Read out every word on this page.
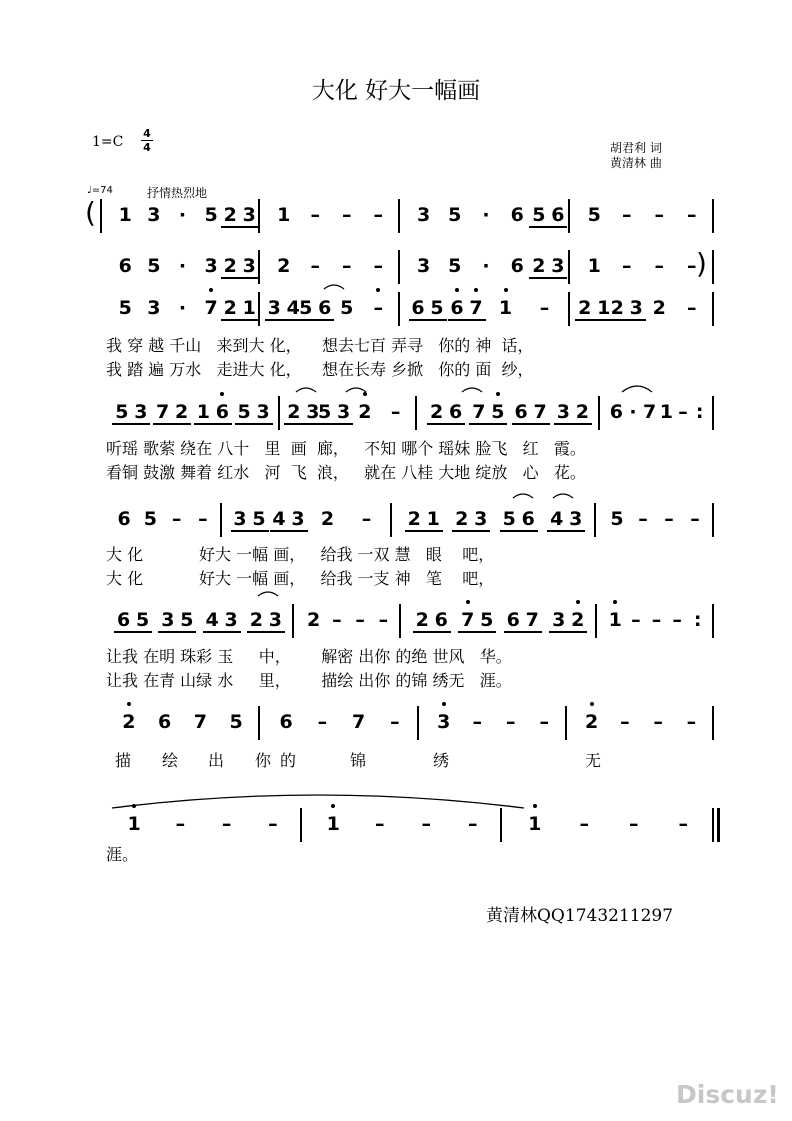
大化 好大一幅画
1=C
4
4	胡君利 词
黄清林 曲
♩=74	抒情热烈地
( 1 3 · 5 2 3 1 – – – 3 5	·	6 5 6 5 – – –
6 5 · 3 2 3 2 – – – 3 5	·	6 2 3 1 – – – )
5 3 · 7 2 1 3 4 5 6 5 – 6 5 6 7 1 – 2 1 2 3 2 –
我 穿 越 千山   来到大 化，    想去七百 弄寻   你的 神  话，
我 踏 遍 万水   走进大 化，    想在长寿 乡掀   你的 面  纱，
5 3 7 2 1 6 5 3 2 3
5 3 2 – 2 6 7 5 6 7 3 2 6 · 7 1 – :
听瑶 歌萦 绕在 八十   里  画  廊，   不知 哪个 瑶妹 脸飞   红   霞。
看铜 鼓激 舞着 红水   河  飞  浪，   就在 八桂 大地 绽放   心   花。
6 5 – – 3 5 4 3 2 – 2 1 2 3 5 6 4 3 5 – – –
大 化           好大 一幅 画，   给我 一双 慧   眼    吧，
大 化           好大 一幅 画，   给我 一支 神   笔    吧，
6 5 3 5 4 3 2 3 2 – – – 2 6 7 5 6 7 3 2 1 – – – :
让我 在明 珠彩 玉     中，      解密 出你 的绝 世风   华。
让我 在青 山绿 水     里，      描绘 出你 的锦 绣无   涯。
2 6 7 5 6 – 7 – 3 – – – 2 – – –
描 绘 出 你 的	锦	绣	无
1 – – –	1 – – –	1 – – –
涯。
黄清林QQ1743211297
Discuz!
